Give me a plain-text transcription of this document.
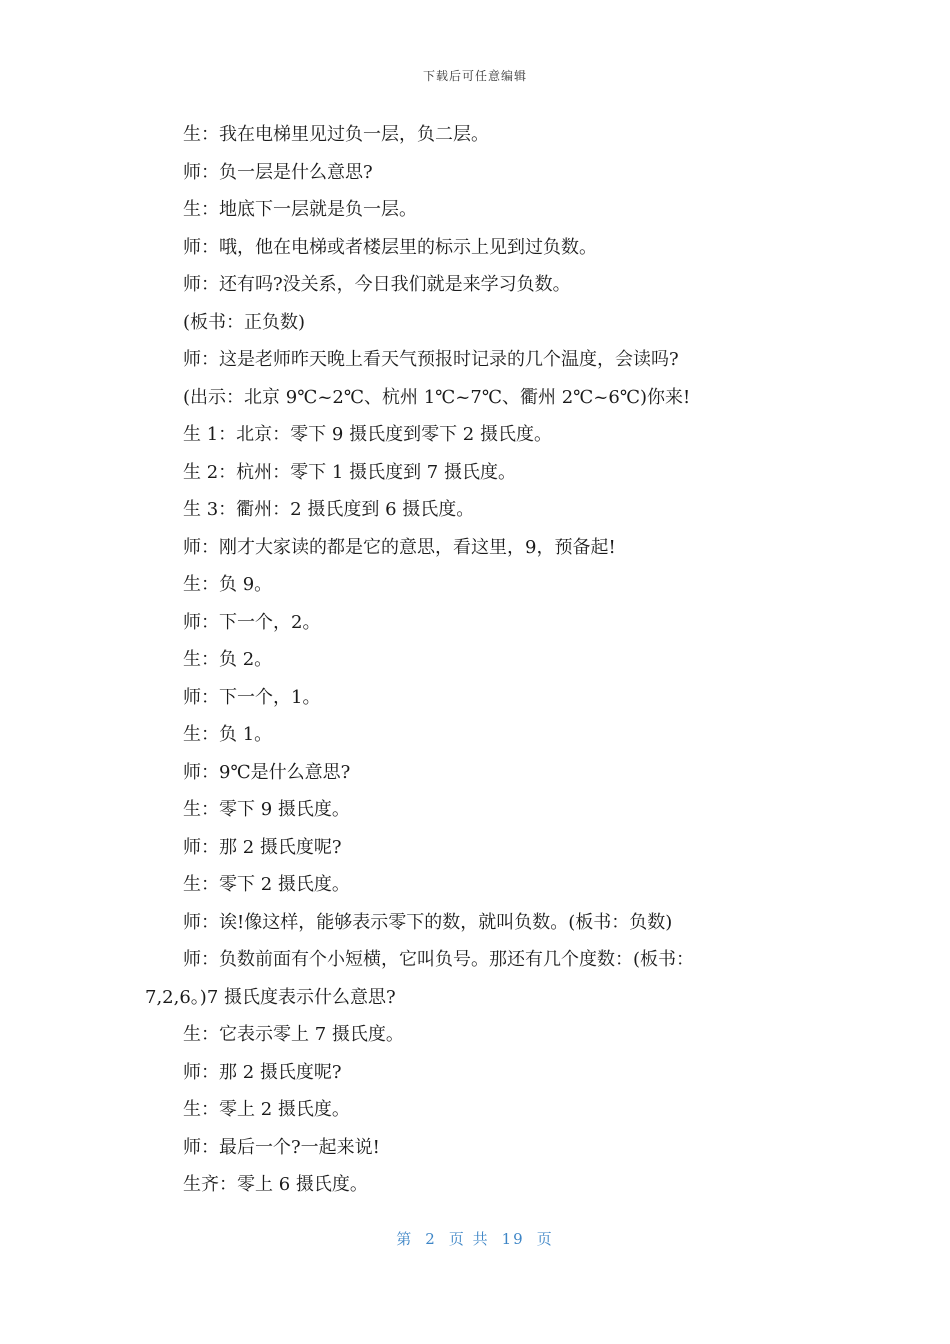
下载后可任意编辑

生：我在电梯里见过负一层，负二层。

师：负一层是什么意思?

生：地底下一层就是负一层。

师：哦，他在电梯或者楼层里的标示上见到过负数。

师：还有吗?没关系，今日我们就是来学习负数。

(板书：正负数)

师：这是老师昨天晚上看天气预报时记录的几个温度，会读吗?

(出示：北京 9℃~2℃、杭州 1℃~7℃、衢州 2℃~6℃)你来!

生 1：北京：零下 9 摄氏度到零下 2 摄氏度。

生 2：杭州：零下 1 摄氏度到 7 摄氏度。

生 3：衢州：2 摄氏度到 6 摄氏度。

师：刚才大家读的都是它的意思，看这里，9，预备起!

生：负 9。

师：下一个，2。

生：负 2。

师：下一个，1。

生：负 1。

师：9℃是什么意思?

生：零下 9 摄氏度。

师：那 2 摄氏度呢?

生：零下 2 摄氏度。

师：诶!像这样，能够表示零下的数，就叫负数。(板书：负数)

师：负数前面有个小短横，它叫负号。那还有几个度数：(板书：7,2,6。)7 摄氏度表示什么意思?

生：它表示零上 7 摄氏度。

师：那 2 摄氏度呢?

生：零上 2 摄氏度。

师：最后一个?一起来说!

生齐：零上 6 摄氏度。

第 2 页 共 19 页
